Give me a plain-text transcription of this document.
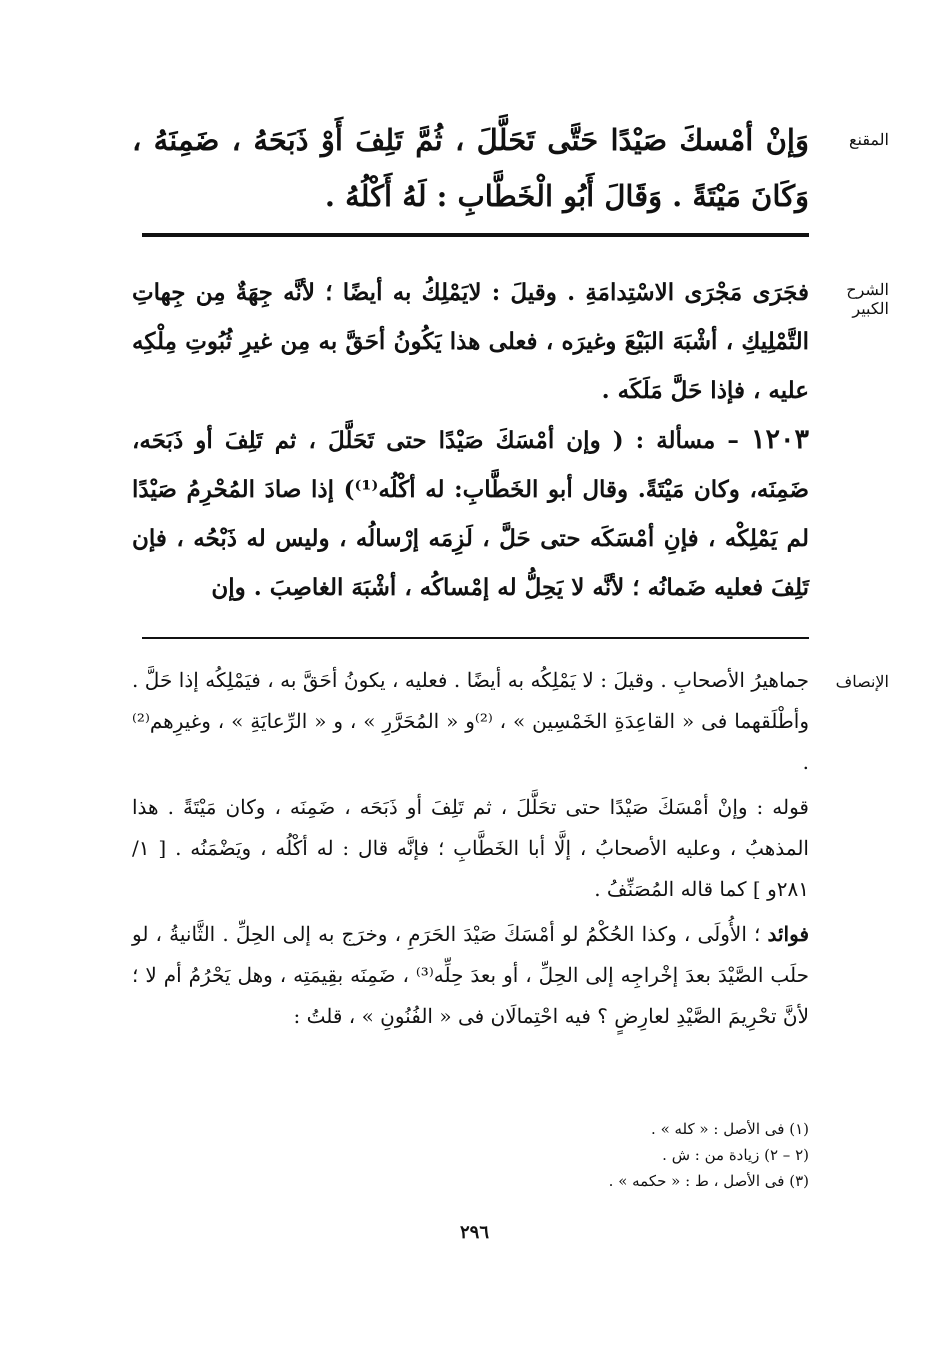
المقنع

وَإنْ أمْسكَ صَيْدًا حَتَّى تَحَلَّلَ ، ثُمَّ تَلِفَ أَوْ ذَبَحَهُ ، ضَمِنَهُ ، وَكَانَ مَيْتَةً . وَقَالَ أَبُو الْخَطَّابِ : لَهُ أَكْلُهُ .

الشرح الكبير

فجَرَى مَجْرَى الاسْتِدامَةِ . وقيلَ : لايَمْلِكُ به أيضًا ؛ لأنَّه جِهَةٌ مِن جِهاتِ التَّمْلِيكِ ، أشْبَهَ البَيْعَ وغيرَه ، فعلى هذا يَكُونُ أحَقَّ به مِن غيرِ ثُبُوتِ مِلْكِه عليه ، فإذا حَلَّ مَلَكَه .

١٢٠٣ – مسألة : ( وإن أمْسَكَ صَيْدًا حتى تَحَلَّلَ ، ثم تَلِفَ أو ذَبَحَه، ضَمِنَه، وكان مَيْتَةً. وقال أبو الخَطَّابِ: له أكْلُه⁽¹⁾) إذا صادَ المُحْرِمُ صَيْدًا لم يَمْلِكْه ، فإنِ أمْسَكَه حتى حَلَّ ، لَزِمَه إرْسالُه ، وليس له ذَبْحُه ، فإن تَلِفَ فعليه ضَمانُه ؛ لأنَّه لا يَحِلُّ له إمْساكُه ، أشْبَهَ الغاصِبَ . وإن

الإنصاف

جماهيرُ الأصحابِ . وقيلَ : لا يَمْلِكُه به أيضًا . فعليه ، يكونُ أحَقَّ به ، فيَمْلِكُه إذا حَلَّ . وأطْلَقهما فى « القاعِدَةِ الخَمْسِين » ، ⁽²⁾و « المُحَرَّرِ » ، و « الرِّعايَةِ » ، وغيرِهم⁽²⁾ .

قوله : وإنْ أمْسَكَ صَيْدًا حتى تحَلَّلَ ، ثم تَلِفَ أو ذَبَحَه ، ضَمِنَه ، وكان مَيْتَةً . هذا المذهبُ ، وعليه الأصحابُ ، إلَّا أبا الخَطَّابِ ؛ فإنَّه قال : له أكْلُه ، ويَضْمَنُه . [ ١/ ٢٨١و ] كما قاله المُصَنِّفُ .

فوائد ؛ الأُولَى ، وكذا الحُكْمُ لو أمْسَكَ صَيْدَ الحَرَمِ ، وخرَج به إلى الحِلِّ . الثَّانيةُ ، لو حلَب الصَّيْدَ بعدَ إخْراجِه إلى الحِلِّ ، أو بعدَ حِلِّه⁽³⁾ ، ضَمِنَه بقِيمَتِه ، وهل يَحْرُمُ أم لا ؛ لأنَّ تحْرِيمَ الصَّيْدِ لعارِضٍ ؟ فيه احْتِمالَان فى « الفُنُونِ » ، قلتُ :

(١) فى الأصل : « كله » .

(٢ – ٢) زيادة من : ش .

(٣) فى الأصل ، ط : « حكمه » .

٢٩٦
